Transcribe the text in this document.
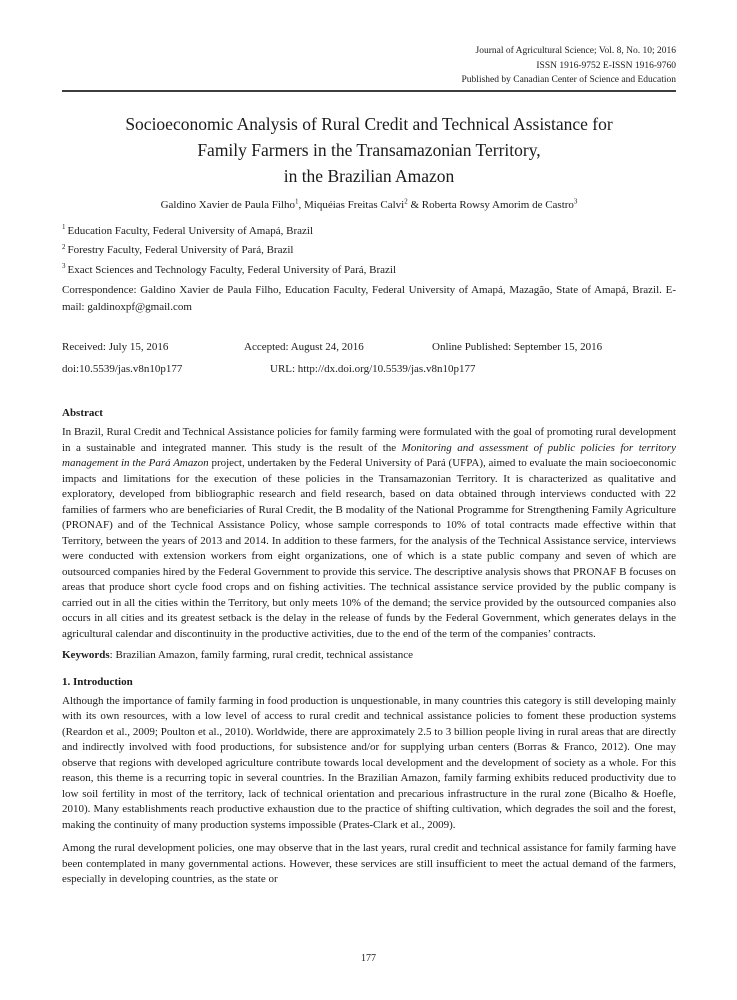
Journal of Agricultural Science; Vol. 8, No. 10; 2016
ISSN 1916-9752 E-ISSN 1916-9760
Published by Canadian Center of Science and Education
Socioeconomic Analysis of Rural Credit and Technical Assistance for
Family Farmers in the Transamazonian Territory,
in the Brazilian Amazon
Galdino Xavier de Paula Filho$^1$, Miquéias Freitas Calvi$^2$ & Roberta Rowsy Amorim de Castro$^3$
$^1$ Education Faculty, Federal University of Amapá, Brazil
$^2$ Forestry Faculty, Federal University of Pará, Brazil
$^3$ Exact Sciences and Technology Faculty, Federal University of Pará, Brazil

Correspondence: Galdino Xavier de Paula Filho, Education Faculty, Federal University of Amapá, Mazagão, State of Amapá, Brazil. E-mail: galdinoxpf@gmail.com

Received: July 15, 2016	Accepted: August 24, 2016	Online Published: September 15, 2016
doi:10.5539/jas.v8n10p177	URL: http://dx.doi.org/10.5539/jas.v8n10p177
Abstract

In Brazil, Rural Credit and Technical Assistance policies for family farming were formulated with the goal of promoting rural development in a sustainable and integrated manner. This study is the result of the Monitoring and assessment of public policies for territory management in the Pará Amazon project, undertaken by the Federal University of Pará (UFPA), aimed to evaluate the main socioeconomic impacts and limitations for the execution of these policies in the Transamazonian Territory. It is characterized as qualitative and exploratory, developed from bibliographic research and field research, based on data obtained through interviews conducted with 22 families of farmers who are beneficiaries of Rural Credit, the B modality of the National Programme for Strengthening Family Agriculture (PRONAF) and of the Technical Assistance Policy, whose sample corresponds to 10% of total contracts made effective within that Territory, between the years of 2013 and 2014. In addition to these farmers, for the analysis of the Technical Assistance service, interviews were conducted with extension workers from eight organizations, one of which is a state public company and seven of which are outsourced companies hired by the Federal Government to provide this service. The descriptive analysis shows that PRONAF B focuses on areas that produce short cycle food crops and on fishing activities. The technical assistance service provided by the public company is carried out in all the cities within the Territory, but only meets 10% of the demand; the service provided by the outsourced companies also occurs in all cities and its greatest setback is the delay in the release of funds by the Federal Government, which generates delays in the agricultural calendar and discontinuity in the productive activities, due to the end of the term of the companies’ contracts.

Keywords: Brazilian Amazon, family farming, rural credit, technical assistance

1. Introduction

Although the importance of family farming in food production is unquestionable, in many countries this category is still developing mainly with its own resources, with a low level of access to rural credit and technical assistance policies to foment these production systems (Reardon et al., 2009; Poulton et al., 2010). Worldwide, there are approximately 2.5 to 3 billion people living in rural areas that are directly and indirectly involved with food productions, for subsistence and/or for supplying urban centers (Borras & Franco, 2012). One may observe that regions with developed agriculture contribute towards local development and the development of society as a whole. For this reason, this theme is a recurring topic in several countries. In the Brazilian Amazon, family farming exhibits reduced productivity due to low soil fertility in most of the territory, lack of technical orientation and precarious infrastructure in the rural zone (Bicalho & Hoefle, 2010). Many establishments reach productive exhaustion due to the practice of shifting cultivation, which degrades the soil and the forest, making the continuity of many production systems impossible (Prates-Clark et al., 2009).

Among the rural development policies, one may observe that in the last years, rural credit and technical assistance for family farming have been contemplated in many governmental actions. However, these services are still insufficient to meet the actual demand of the farmers, especially in developing countries, as the state or

177
